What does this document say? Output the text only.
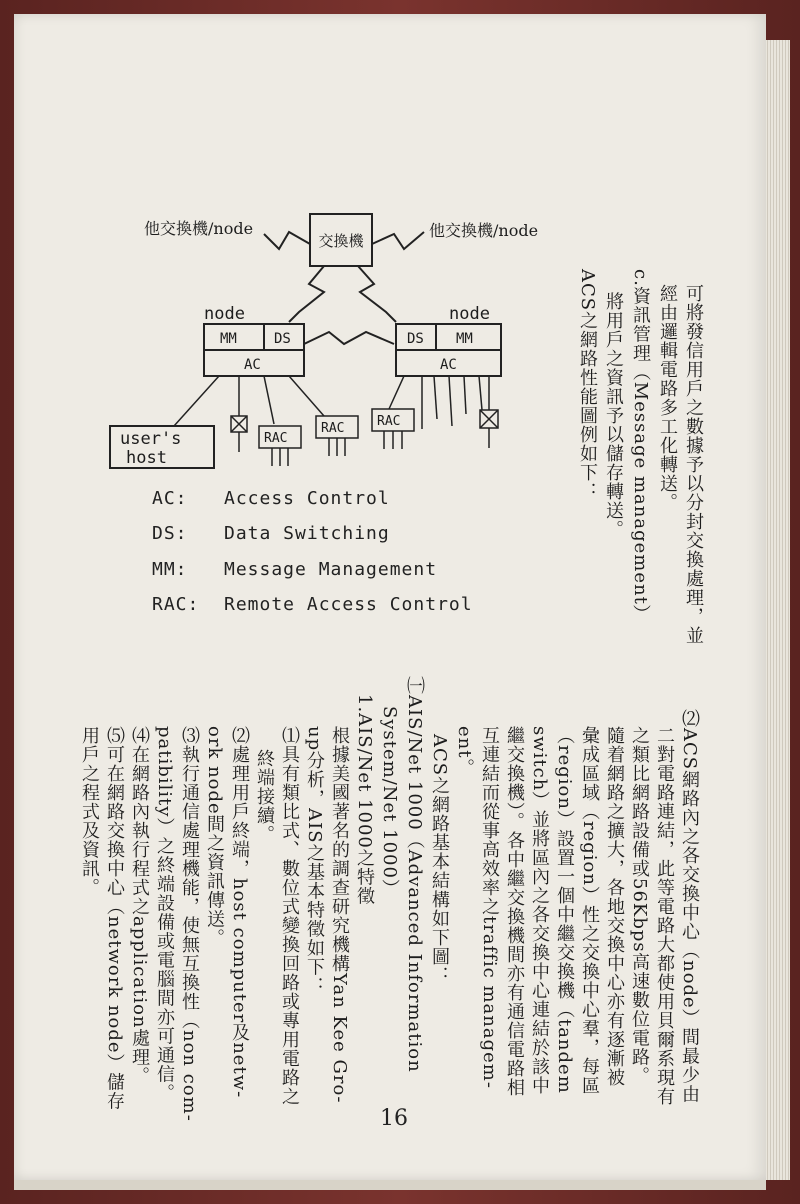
可將發信用戶之數據予以分封交換處理，並
經由邏輯電路多工化轉送。
c.資訊管理（Message management）
將用戶之資訊予以儲存轉送。
ACS之網路性能圖例如下：
交換機
他交換機/node	他交換機/node
node
MM	DS
AC
node
DS MM
AC
user's
host
RAC
RAC	RAC
AC: Access Control
DS: Data Switching
MM: Message Management
RAC: Remote Access Control
⑵ACS網路內之各交換中心（node）間最少由
二對電路連結，此等電路大都使用貝爾系現有
之類比網路設備或56Kbps高速數位電路。
隨着網路之擴大，各地交換中心亦有逐漸被
彙成區域（region）性之交換中心羣，每區
（region）設置一個中繼交換機（tandem
switch）並將區內之各交換中心連結於該中
繼交換機）。各中繼交換機間亦有通信電路相
互連結而從事高效率之traffic managem-
ent。
ACS之網路基本結構如下圖：
㈠AIS/Net 1000（Advanced Information
System/Net 1000）
1.AIS/Net 1000之特徵
根據美國著名的調查研究機構Yan Kee Gro-
up分析，AIS之基本特徵如下：
⑴具有類比式、數位式變換回路或專用電路之
終端接續。
⑵處理用戶終端，host computer及netw-
ork node間之資訊傳送。
⑶執行通信處理機能，使無互換性（non com-
patibility）之終端設備或電腦間亦可通信。
⑷在網路內執行程式之application處理。
⑸可在網路交換中心（network node）儲存
用戶之程式及資訊。
16
